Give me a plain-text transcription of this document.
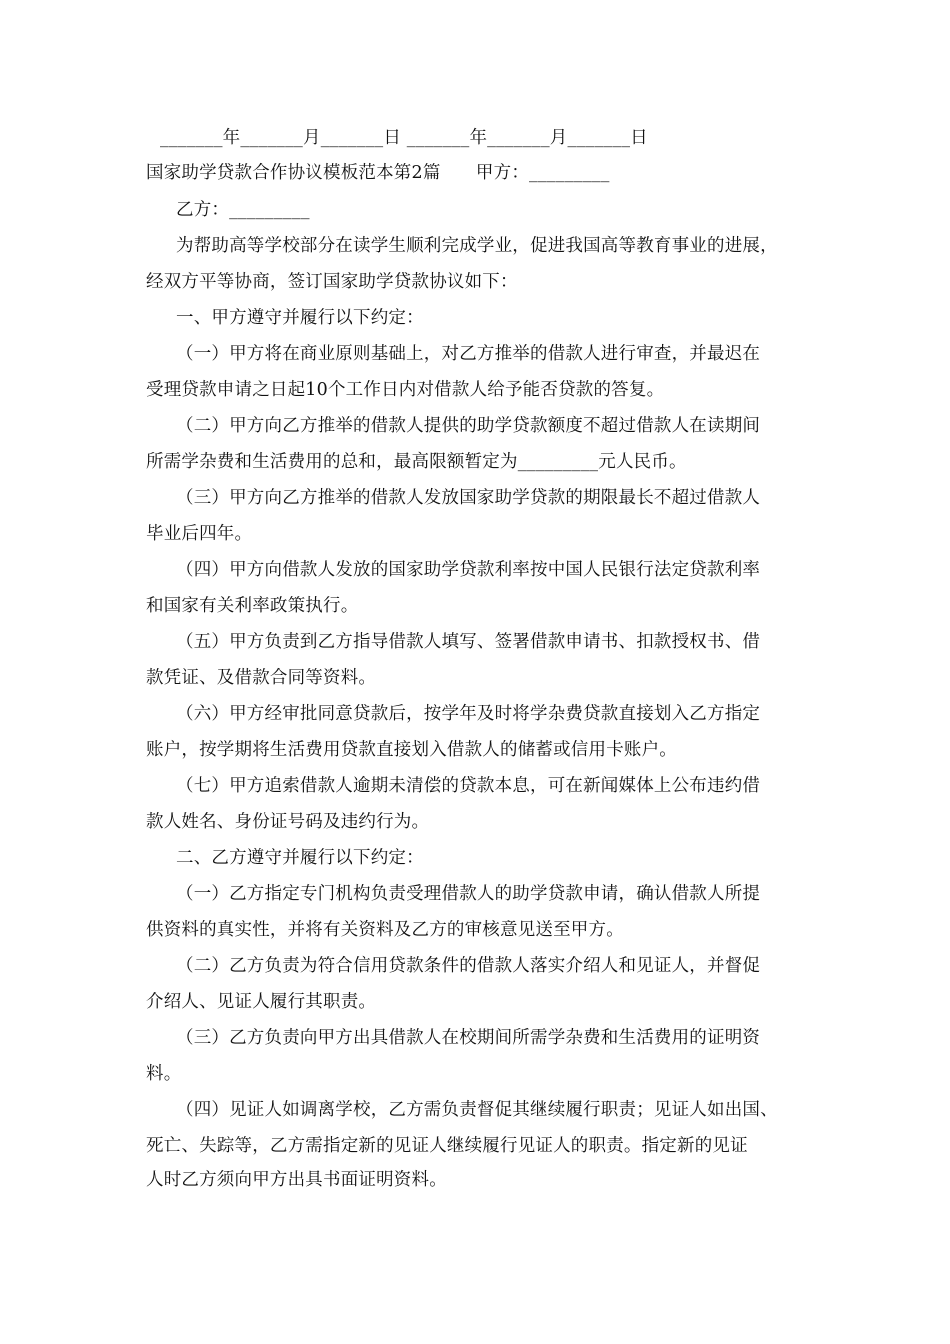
_______年_______月_______日 _______年_______月_______日
国家助学贷款合作协议模板范本第2篇　　甲方：_________
乙方：_________
为帮助高等学校部分在读学生顺利完成学业，促进我国高等教育事业的进展，
经双方平等协商，签订国家助学贷款协议如下：
一、甲方遵守并履行以下约定：
（一）甲方将在商业原则基础上，对乙方推举的借款人进行审查，并最迟在
受理贷款申请之日起10个工作日内对借款人给予能否贷款的答复。
（二）甲方向乙方推举的借款人提供的助学贷款额度不超过借款人在读期间
所需学杂费和生活费用的总和，最高限额暂定为_________元人民币。
（三）甲方向乙方推举的借款人发放国家助学贷款的期限最长不超过借款人
毕业后四年。
（四）甲方向借款人发放的国家助学贷款利率按中国人民银行法定贷款利率
和国家有关利率政策执行。
（五）甲方负责到乙方指导借款人填写、签署借款申请书、扣款授权书、借
款凭证、及借款合同等资料。
（六）甲方经审批同意贷款后，按学年及时将学杂费贷款直接划入乙方指定
账户，按学期将生活费用贷款直接划入借款人的储蓄或信用卡账户。
（七）甲方追索借款人逾期未清偿的贷款本息，可在新闻媒体上公布违约借
款人姓名、身份证号码及违约行为。
二、乙方遵守并履行以下约定：
（一）乙方指定专门机构负责受理借款人的助学贷款申请，确认借款人所提
供资料的真实性，并将有关资料及乙方的审核意见送至甲方。
（二）乙方负责为符合信用贷款条件的借款人落实介绍人和见证人，并督促
介绍人、见证人履行其职责。
（三）乙方负责向甲方出具借款人在校期间所需学杂费和生活费用的证明资
料。
（四）见证人如调离学校，乙方需负责督促其继续履行职责；见证人如出国、
死亡、失踪等，乙方需指定新的见证人继续履行见证人的职责。指定新的见证
人时乙方须向甲方出具书面证明资料。
